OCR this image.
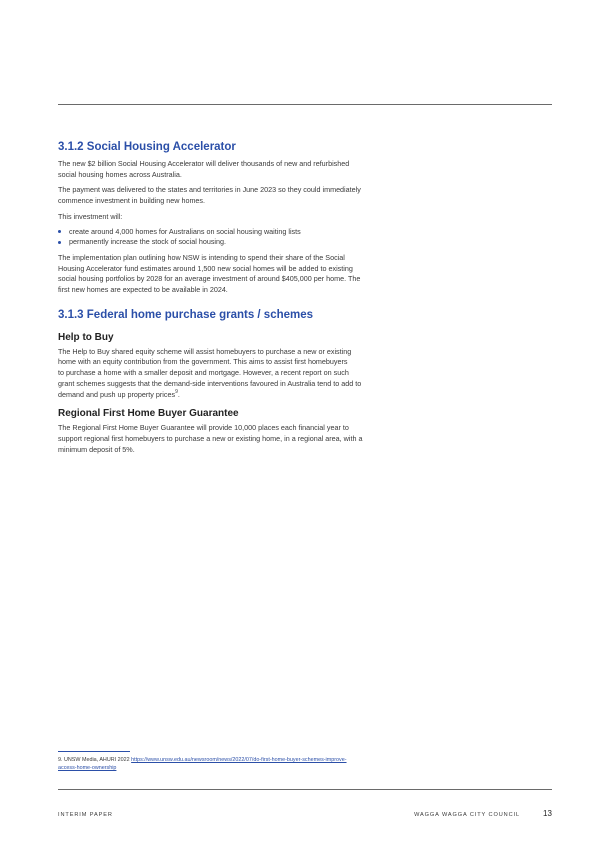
3.1.2 Social Housing Accelerator

The new $2 billion Social Housing Accelerator will deliver thousands of new and refurbished
social housing homes across Australia.

The payment was delivered to the states and territories in June 2023 so they could immediately
commence investment in building new homes.

This investment will:

create around 4,000 homes for Australians on social housing waiting lists
permanently increase the stock of social housing.

The implementation plan outlining how NSW is intending to spend their share of the Social
Housing Accelerator fund estimates around 1,500 new social homes will be added to existing
social housing portfolios by 2028 for an average investment of around $405,000 per home. The
first new homes are expected to be available in 2024.

3.1.3 Federal home purchase grants / schemes
Help to Buy

The Help to Buy shared equity scheme will assist homebuyers to purchase a new or existing
home with an equity contribution from the government. This aims to assist first homebuyers
to purchase a home with a smaller deposit and mortgage. However, a recent report on such
grant schemes suggests that the demand-side interventions favoured in Australia tend to add to
demand and push up property prices$^9$.

Regional First Home Buyer Guarantee

The Regional First Home Buyer Guarantee will provide 10,000 places each financial year to
support regional first homebuyers to purchase a new or existing home, in a regional area, with a
minimum deposit of 5%.

9. UNSW Media, AHURI 2022 https://www.unsw.edu.au/newsroom/news/2022/07/do-first-home-buyer-schemes-improve-
access-home-ownership
INTERIM PAPER	WAGGA WAGGA CITY COUNCIL	13
